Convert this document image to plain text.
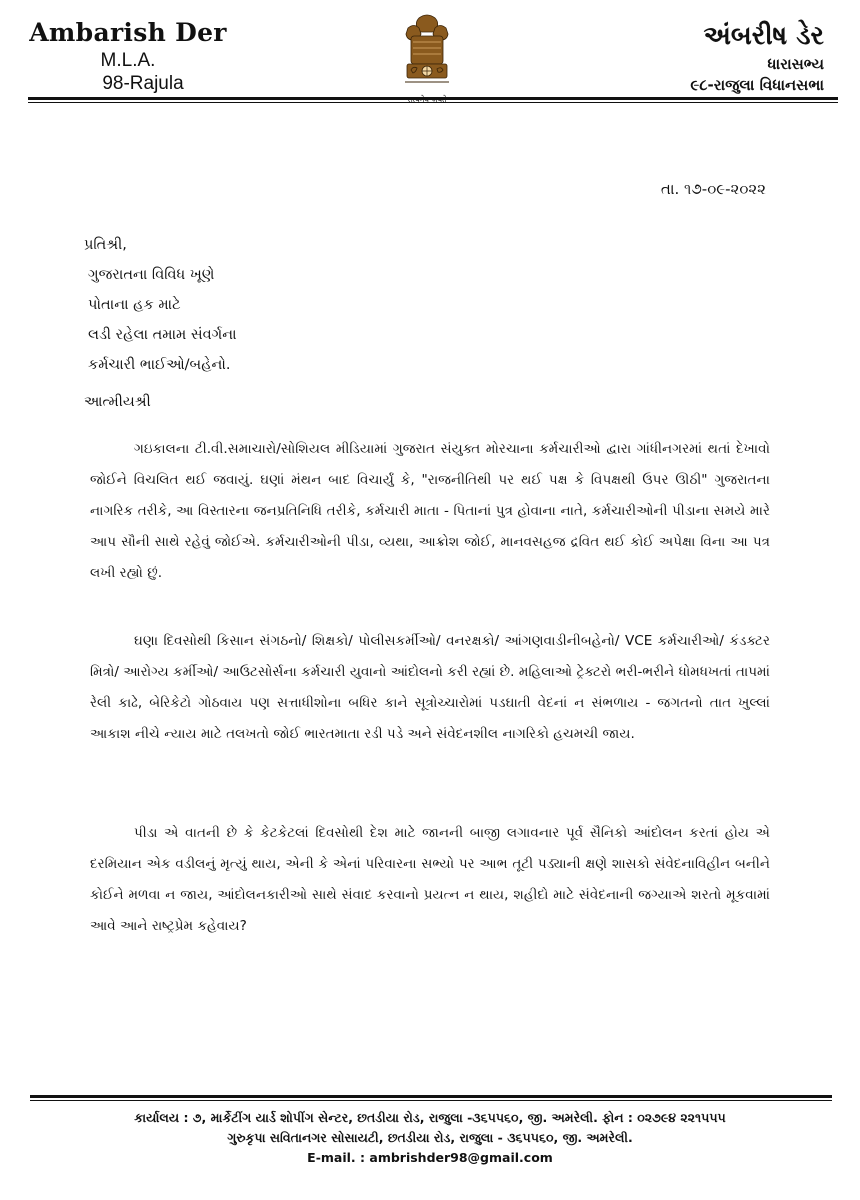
Ambarish Der
M.L.A.
98-Rajula
અંબરીષ ડેર
ધારાસભ્ય
૯૮-રાજુલા વિધાનસભા
તા. ૧૭-૦૯-૨૦૨૨
પ્રતિશ્રી,
ગુજરાતના વિવિધ ખૂણે
પોતાના હક માટે
લડી રહેલા તમામ સંવર્ગના
કર્મચારી ભાઈઓ/બહેનો.
આત્મીયશ્રી

ગઇકાલના ટી.વી.સમાચારો/સોશિયલ મીડિયામાં ગુજરાત સંયુક્ત મોરચાના કર્મચારીઓ દ્વારા ગાંધીનગરમાં થતાં દેખાવો જોઈને વિચલિત થઈ જવાયું. ઘણાં મંથન બાદ વિચાર્યું કે, "રાજનીતિથી પર થઈ પક્ષ કે વિપક્ષથી ઉપર ઊઠી" ગુજરાતના નાગરિક તરીકે, આ વિસ્તારના જનપ્રતિનિધિ તરીકે, કર્મચારી માતા - પિતાનાં પુત્ર હોવાના નાતે, કર્મચારીઓની પીડાના સમયે મારે આપ સૌની સાથે રહેવું જોઈએ. કર્મચારીઓની પીડા, વ્યથા, આક્રોશ જોઈ, માનવસહજ દ્રવિત થઈ કોઈ અપેક્ષા વિના આ પત્ર લખી રહ્યો છું.

ઘણા દિવસોથી કિસાન સંગઠનો/ શિક્ષકો/ પોલીસકર્મીઓ/ વનરક્ષકો/ આંગણવાડીનીબહેનો/ VCE કર્મચારીઓ/ કંડક્ટર મિત્રો/ આરોગ્ય કર્મીઓ/ આઉટસોર્સના કર્મચારી યુવાનો આંદોલનો કરી રહ્યાં છે. મહિલાઓ ટ્રેક્ટરો ભરી-ભરીને ધોમધખતાં તાપમાં રેલી કાઢે, બેરિકેટો ગોઠવાય પણ સત્તાધીશોના બધિર કાને સૂત્રોચ્ચારોમાં પડઘાતી વેદનાં ન સંભળાય - જગતનો તાત ખુલ્લાં આકાશ નીચે ન્યાય માટે તલખતો જોઈ ભારતમાતા રડી પડે અને સંવેદનશીલ નાગરિકો હચમચી જાય.

પીડા એ વાતની છે કે કેટકેટલાં દિવસોથી દેશ માટે જાનની બાજી લગાવનાર પૂર્વ સૈનિકો આંદોલન કરતાં હોય એ દરમિયાન એક વડીલનું મૃત્યું થાય, એની કે એનાં પરિવારના સભ્યો પર આભ તૂટી પડ્યાની ક્ષણે શાસકો સંવેદનાવિહીન બનીને કોઈને મળવા ન જાય, આંદોલનકારીઓ સાથે સંવાદ કરવાનો પ્રયત્ન ન થાય, શહીદો માટે સંવેદનાની જગ્યાએ શરતો મૂકવામાં આવે આને રાષ્ટ્રપ્રેમ કહેવાય?

કાર્યાલય : ૭, માર્કેટીંગ યાર્ડ શોપીંગ સેન્ટર, છતડીયા રોડ, રાજુલા -૩૬૫૫૬૦, જી. અમરેલી. ફોન : ૦૨૭૯૪ ૨૨૧૫૫૫
ગુરુકૃપા સવિતાનગર સોસાયટી, છતડીયા રોડ, રાજુલા - ૩૬૫૫૬૦, જી. અમરેલી.
E-mail. : ambrishder98@gmail.com
